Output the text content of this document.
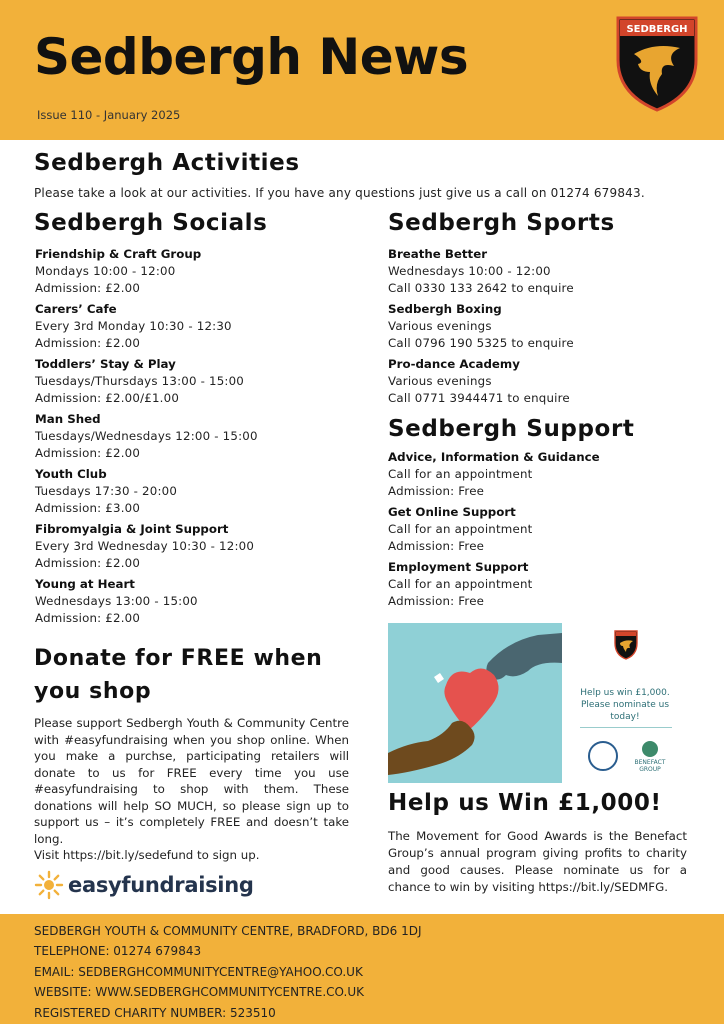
Sedbergh News
Issue 110 - January 2025
SEDBERGH
Sedbergh Activities
Please take a look at our activities. If you have any questions just give us a call on 01274 679843.
Sedbergh Socials
Friendship & Craft Group
Mondays 10:00 - 12:00
Admission: £2.00
Carers’ Cafe
Every 3rd Monday 10:30 - 12:30
Admission: £2.00
Toddlers’ Stay & Play
Tuesdays/Thursdays 13:00 - 15:00
Admission: £2.00/£1.00
Man Shed
Tuesdays/Wednesdays 12:00 - 15:00
Admission: £2.00
Youth Club
Tuesdays 17:30 - 20:00
Admission: £3.00
Fibromyalgia & Joint Support
Every 3rd Wednesday 10:30 - 12:00
Admission: £2.00
Young at Heart
Wednesdays 13:00 - 15:00
Admission: £2.00
Sedbergh Sports
Breathe Better
Wednesdays 10:00 - 12:00
Call 0330 133 2642 to enquire
Sedbergh Boxing
Various evenings
Call 0796 190 5325 to enquire
Pro-dance Academy
Various evenings
Call 0771 3944471 to enquire
Sedbergh Support
Advice, Information & Guidance
Call for an appointment
Admission: Free
Get Online Support
Call for an appointment
Admission: Free
Employment Support
Call for an appointment
Admission: Free
Donate for FREE when you shop
Please support Sedbergh Youth & Community Centre with #easyfundraising when you shop online. When you make a purchse, participating retailers will donate to us for FREE every time you use #easyfundraising to shop with them. These donations will help SO MUCH, so please sign up to support us – it’s completely FREE and doesn’t take long.
Visit https://bit.ly/sedefund to sign up.
easyfundraising
Help us win £1,000. Please nominate us today!
BENEFACT GROUP
Help us Win £1,000!
The Movement for Good Awards is the Benefact Group’s annual program giving profits to charity and good causes. Please nominate us for a chance to win by visiting https://bit.ly/SEDMFG.
SEDBERGH YOUTH & COMMUNITY CENTRE, BRADFORD, BD6 1DJ
TELEPHONE: 01274 679843
EMAIL: SEDBERGHCOMMUNITYCENTRE@YAHOO.CO.UK
WEBSITE: WWW.SEDBERGHCOMMUNITYCENTRE.CO.UK
REGISTERED CHARITY NUMBER: 523510
